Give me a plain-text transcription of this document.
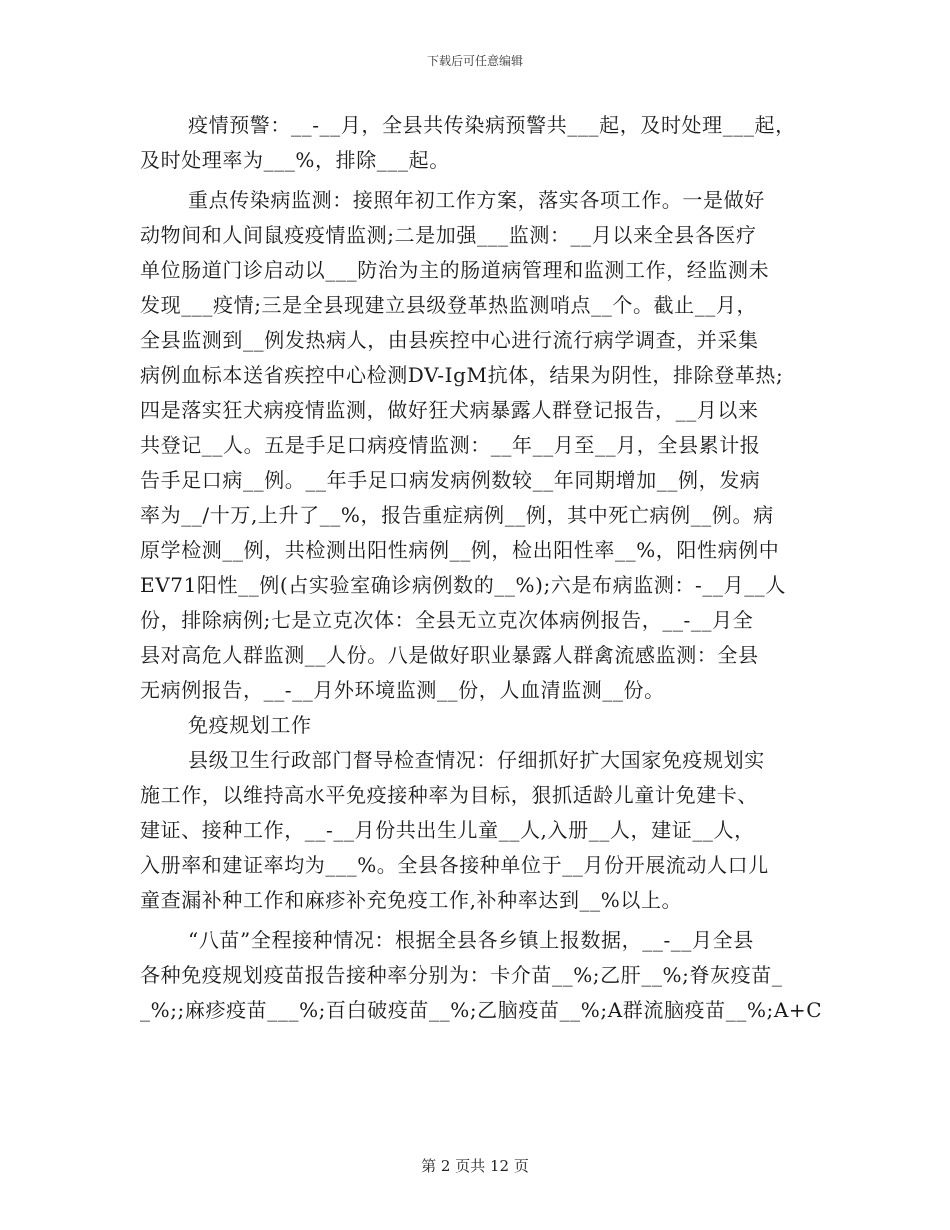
下载后可任意编辑
疫情预警：__-__月，全县共传染病预警共___起，及时处理___起，
及时处理率为___%，排除___起。
重点传染病监测：接照年初工作方案，落实各项工作。一是做好
动物间和人间鼠疫疫情监测;二是加强___监测：__月以来全县各医疗
单位肠道门诊启动以___防治为主的肠道病管理和监测工作，经监测未
发现___疫情;三是全县现建立县级登革热监测哨点__个。截止__月，
全县监测到__例发热病人，由县疾控中心进行流行病学调查，并采集
病例血标本送省疾控中心检测DV-IgM抗体，结果为阴性，排除登革热;
四是落实狂犬病疫情监测，做好狂犬病暴露人群登记报告，__月以来
共登记__人。五是手足口病疫情监测：__年__月至__月，全县累计报
告手足口病__例。__年手足口病发病例数较__年同期增加__例，发病
率为__/十万,上升了__%，报告重症病例__例，其中死亡病例__例。病
原学检测__例，共检测出阳性病例__例，检出阳性率__%，阳性病例中
EV71阳性__例(占实验室确诊病例数的__%);六是布病监测：-__月__人
份，排除病例;七是立克次体：全县无立克次体病例报告，__-__月全
县对高危人群监测__人份。八是做好职业暴露人群禽流感监测：全县
无病例报告，__-__月外环境监测__份，人血清监测__份。
免疫规划工作
县级卫生行政部门督导检查情况：仔细抓好扩大国家免疫规划实
施工作，以维持高水平免疫接种率为目标，狠抓适龄儿童计免建卡、
建证、接种工作，__-__月份共出生儿童__人,入册__人，建证__人，
入册率和建证率均为___%。全县各接种单位于__月份开展流动人口儿
童查漏补种工作和麻疹补充免疫工作,补种率达到__%以上。
“八苗”全程接种情况：根据全县各乡镇上报数据，__-__月全县
各种免疫规划疫苗报告接种率分别为：卡介苗__%;乙肝__%;脊灰疫苗_
_%;;麻疹疫苗___%;百白破疫苗__%;乙脑疫苗__%;A群流脑疫苗__%;A+C
第 2 页共 12 页
